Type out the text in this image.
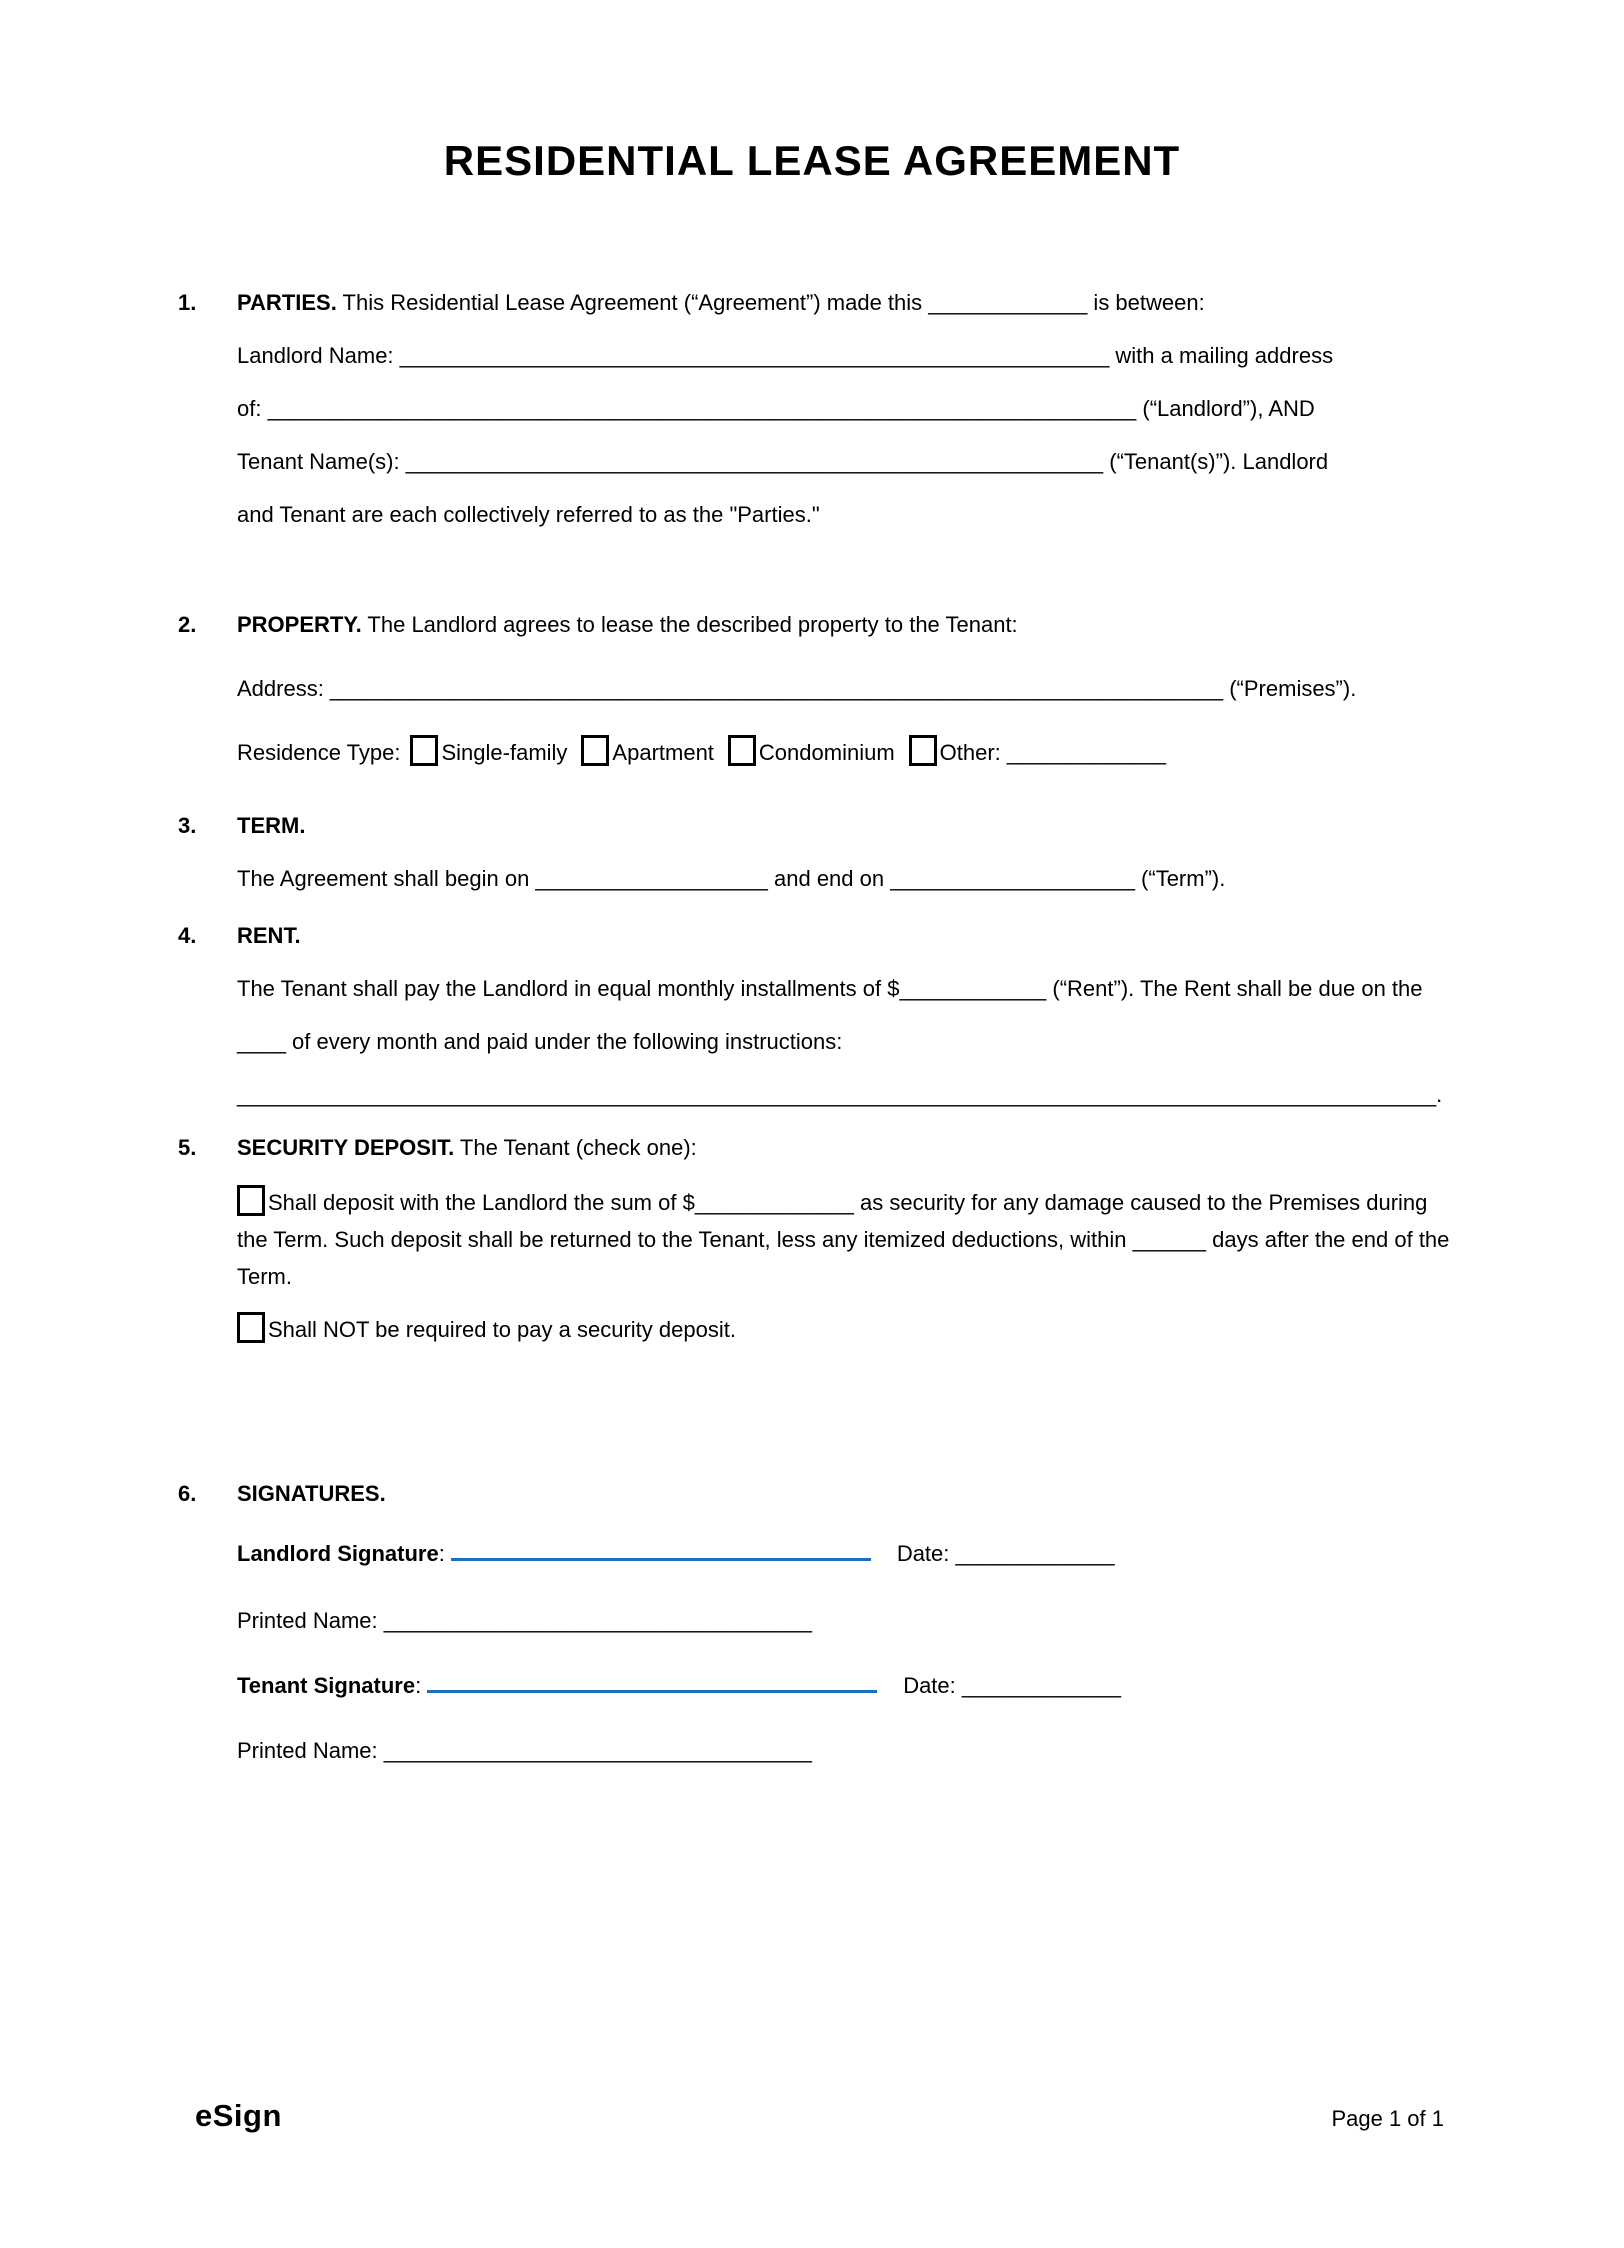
RESIDENTIAL LEASE AGREEMENT
1.	PARTIES. This Residential Lease Agreement (“Agreement”) made this _____________ is between:

Landlord Name: __________________________________________________________ with a mailing address

of: _______________________________________________________________________ (“Landlord”), AND

Tenant Name(s): _________________________________________________________ (“Tenant(s)”). Landlord

and Tenant are each collectively referred to as the "Parties."

2.	PROPERTY. The Landlord agrees to lease the described property to the Tenant:

Address: _________________________________________________________________________ (“Premises”).

Residence Type: Single-family Apartment Condominium Other: _____________

3.	TERM.

The Agreement shall begin on ___________________ and end on ____________________ (“Term”).

4.	RENT.

The Tenant shall pay the Landlord in equal monthly installments of $____________ (“Rent”). The Rent shall be due on the ____ of every month and paid under the following instructions:

__________________________________________________________________________________________________.

5.	SECURITY DEPOSIT. The Tenant (check one):

Shall deposit with the Landlord the sum of $_____________ as security for any damage caused to the Premises during the Term. Such deposit shall be returned to the Tenant, less any itemized deductions, within ______ days after the end of the Term.

Shall NOT be required to pay a security deposit.

6.	SIGNATURES.

Landlord Signature:	Date: _____________

Printed Name: ___________________________________

Tenant Signature:	Date: _____________

Printed Name: ___________________________________

eSign	Page 1 of 1
